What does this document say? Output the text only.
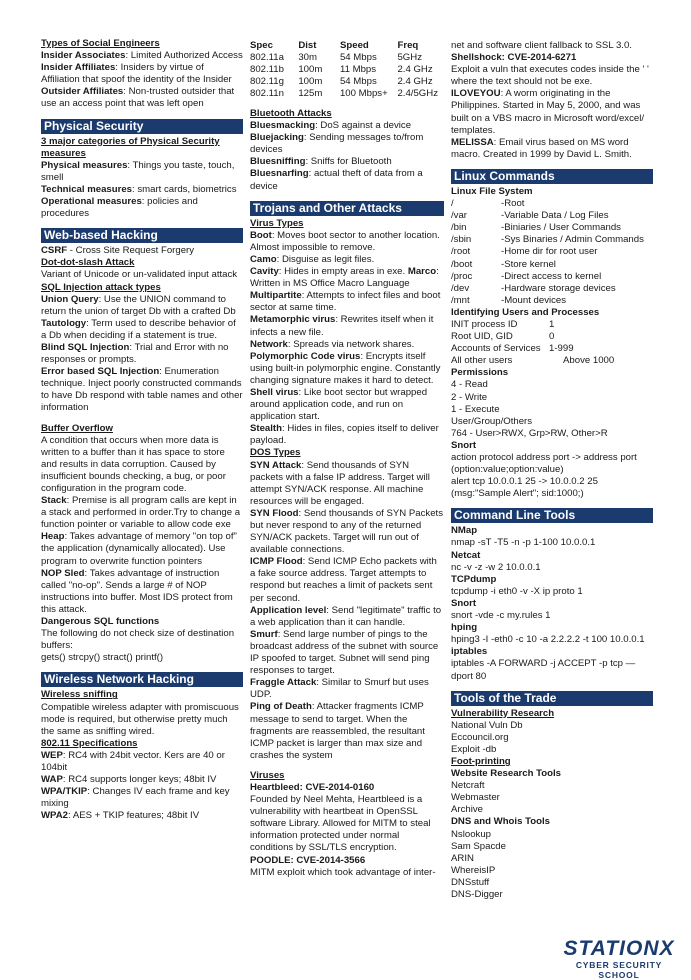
Types of Social Engineers

Insider Associates: Limited Authorized Access

Insider Affiliates: Insiders by virtue of Affiliation that spoof the identity of the Insider

Outsider Affiliates: Non-trusted outsider that use an access point that was left open

Physical Security
3 major categories of Physical Security measures

Physical measures: Things you taste, touch, smell

Technical measures: smart cards, biometrics

Operational measures: policies and procedures

Web-based Hacking

CSRF - Cross Site Request Forgery

Dot-dot-slash Attack

Variant of Unicode or un-validated input attack

SQL Injection attack types

Union Query: Use the UNION command to return the union of target Db with a crafted Db

Tautology: Term used to describe behavior of a Db when deciding if a statement is true.

Blind SQL Injection: Trial and Error with no responses or prompts.

Error based SQL Injection: Enumeration technique. Inject poorly constructed commands to have Db respond with table names and other information

Buffer Overflow

A condition that occurs when more data is written to a buffer than it has space to store and results in data corruption. Caused by insufficient bounds checking, a bug, or poor configuration in the program code.

Stack: Premise is all program calls are kept in a stack and performed in order.Try to change a function pointer or variable to allow code exe

Heap: Takes advantage of memory "on top of" the application (dynamically allocated). Use program to overwrite function pointers

NOP Sled: Takes advantage of instruction called "no-op". Sends a large # of NOP instructions into buffer. Most IDS protect from this attack.

Dangerous SQL functions

The following do not check size of destination buffers:

gets() strcpy() stract() printf()

Wireless Network Hacking
Wireless sniffing

Compatible wireless adapter with promiscuous mode is required, but otherwise pretty much the same as sniffing wired.

802.11 Specifications

WEP: RC4 with 24bit vector. Kers are 40 or 104bit

WAP: RC4 supports longer keys; 48bit IV

WPA/TKIP: Changes IV each frame and key mixing

WPA2: AES + TKIP features; 48bit IV

Spec	Dist	Speed	Freq
802.11a	30m	54 Mbps	5GHz
802.11b	100m	11 Mbps	2.4 GHz
802.11g	100m	54 Mbps	2.4 GHz
802.11n	125m	100 Mbps+	2.4/5GHz
Bluetooth Attacks

Bluesmacking: DoS against a device

Bluejacking: Sending messages to/from devices

Bluesniffing: Sniffs for Bluetooth

Bluesnarfing: actual theft of data from a device

Trojans and Other Attacks
Virus Types

Boot: Moves boot sector to another location. Almost impossible to remove.

Camo: Disguise as legit files.

Cavity: Hides in empty areas in exe. Marco: Written in MS Office Macro Language

Multipartite: Attempts to infect files and boot sector at same time.

Metamorphic virus: Rewrites itself when it infects a new file.

Network: Spreads via network shares.

Polymorphic Code virus: Encrypts itself using built-in polymorphic engine. Constantly changing signature makes it hard to detect.

Shell virus: Like boot sector but wrapped around application code, and run on application start.

Stealth: Hides in files, copies itself to deliver payload.

DOS Types

SYN Attack: Send thousands of SYN packets with a false IP address. Target will attempt SYN/ACK response. All machine resources will be engaged.

SYN Flood: Send thousands of SYN Packets but never respond to any of the returned SYN/ACK packets. Target will run out of available connections.

ICMP Flood: Send ICMP Echo packets with a fake source address. Target attempts to respond but reaches a limit of packets sent per second.

Application level: Send "legitimate" traffic to a web application than it can handle.

Smurf: Send large number of pings to the broadcast address of the subnet with source IP spoofed to target. Subnet will send ping responses to target.

Fraggle Attack: Similar to Smurf but uses UDP.

Ping of Death: Attacker fragments ICMP message to send to target. When the fragments are reassembled, the resultant ICMP packet is larger than max size and crashes the system

Viruses
Heartbleed: CVE-2014-0160

Founded by Neel Mehta, Heartbleed is a vulnerability with heartbeat in OpenSSL software Library. Allowed for MITM to steal information protected under normal conditions by SSL/TLS encryption.

POODLE: CVE-2014-3566

MITM exploit which took advantage of inter-

net and software client fallback to SSL 3.0.

Shellshock: CVE-2014-6271

Exploit a vuln that executes codes inside the ' ' where the text should not be exe.

ILOVEYOU: A worm originating in the Philippines. Started in May 5, 2000, and was built on a VBS macro in Microsoft word/excel/ templates.

MELISSA: Email virus based on MS word macro. Created in 1999 by David L. Smith.

Linux Commands
Linux File System
/	-Root
/var	-Variable Data / Log Files
/bin	-Biniaries / User Commands
/sbin	-Sys Binaries / Admin Commands
/root	-Home dir for root user
/boot	-Store kernel
/proc	-Direct access to kernel
/dev	-Hardware storage devices
/mnt	-Mount devices
Identifying Users and Processes
INIT process ID	1
Root UID, GID	0
Accounts of Services 1-999
All other users	Above 1000
Permissions

4 - Read

2 - Write

1 - Execute

User/Group/Others

764 - User>RWX, Grp>RW, Other>R

Snort

action protocol address port -> address port (option:value;option:value)

alert tcp 10.0.0.1 25 -> 10.0.0.2 25 (msg:"Sample Alert"; sid:1000;)

Command Line Tools
NMap

nmap -sT -T5 -n -p 1-100 10.0.0.1

Netcat

nc -v -z -w 2 10.0.0.1

TCPdump

tcpdump -i eth0 -v -X ip proto 1

Snort

snort -vde -c my.rules 1

hping

hping3 -I -eth0 -c 10 -a 2.2.2.2 -t 100 10.0.0.1

iptables

iptables -A FORWARD -j ACCEPT -p tcp —dport 80

Tools of the Trade
Vulnerability Research

National Vuln Db

Eccouncil.org

Exploit -db

Foot-printing
Website Research Tools

Netcraft

Webmaster

Archive

DNS and Whois Tools

Nslookup

Sam Spacde

ARIN

WhereisIP

DNSstuff

DNS-Digger

STATIONX
CYBER SECURITY SCHOOL
